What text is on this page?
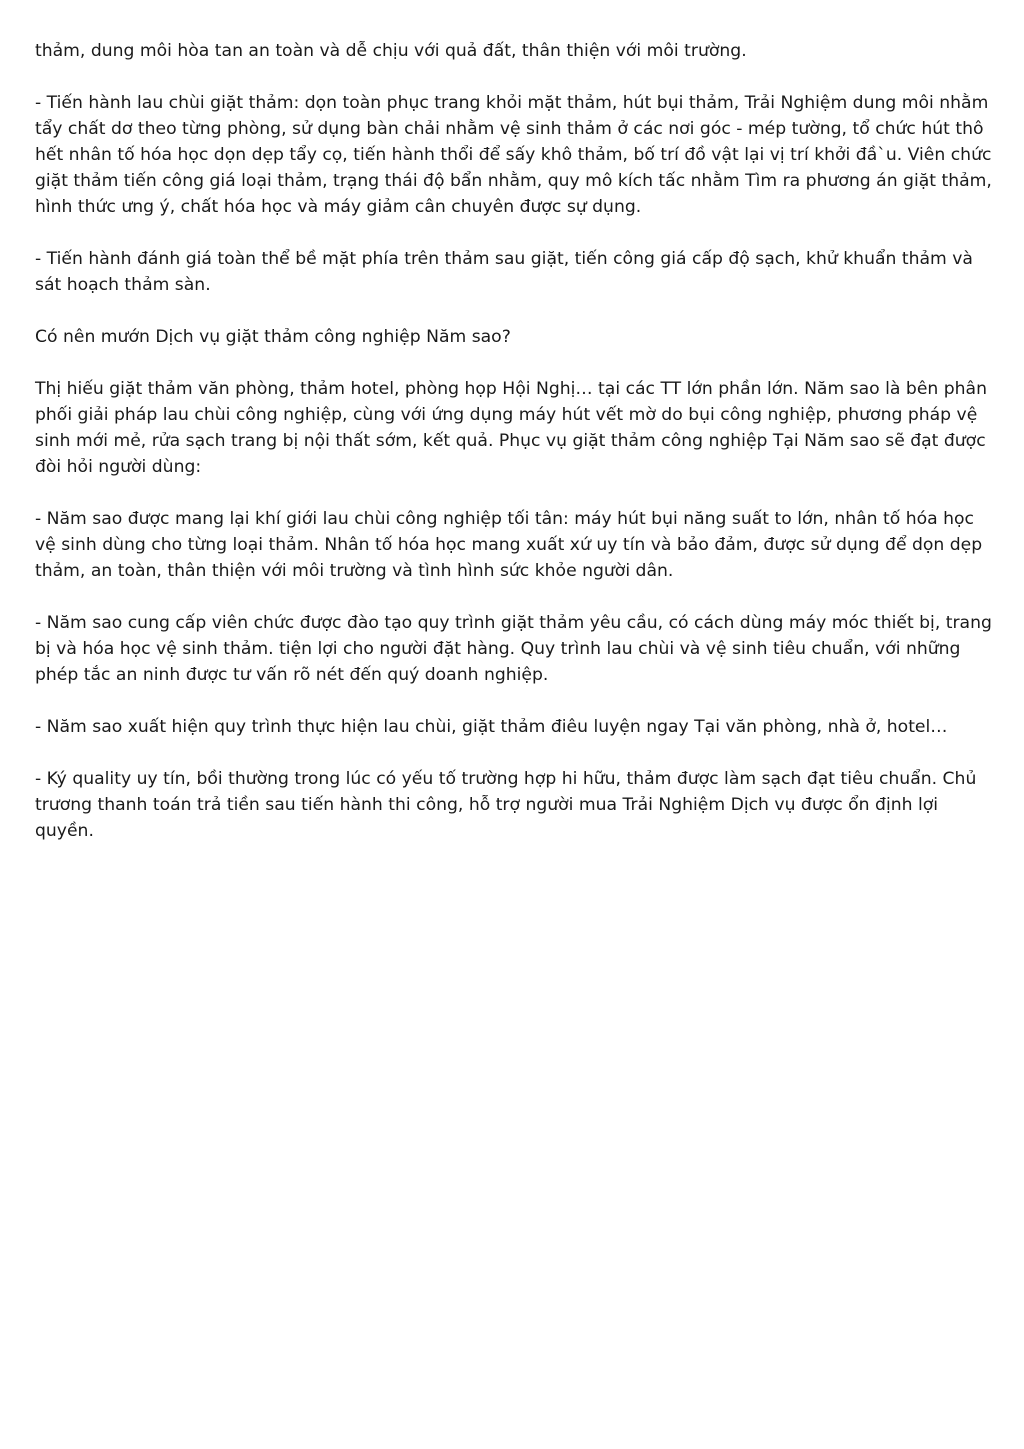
thảm, dung môi hòa tan an toàn và dễ chịu với quả đất, thân thiện với môi trường.

- Tiến hành lau chùi giặt thảm: dọn toàn phục trang khỏi mặt thảm, hút bụi thảm, Trải Nghiệm dung môi nhằm tẩy chất dơ theo từng phòng, sử dụng bàn chải nhằm vệ sinh thảm ở các nơi góc - mép tường, tổ chức hút thô hết nhân tố hóa học dọn dẹp tẩy cọ, tiến hành thổi để sấy khô thảm, bố trí đồ vật lại vị trí khởi đầ`u. Viên chức giặt thảm tiến công giá loại thảm, trạng thái độ bẩn nhằm, quy mô kích tấc nhằm Tìm ra phương án giặt thảm, hình thức ưng ý, chất hóa học và máy giảm cân chuyên được sự dụng.

- Tiến hành đánh giá toàn thể bề mặt phía trên thảm sau giặt, tiến công giá cấp độ sạch, khử khuẩn thảm và sát hoạch thảm sàn.

Có nên mướn Dịch vụ giặt thảm công nghiệp Năm sao?

Thị hiếu giặt thảm văn phòng, thảm hotel, phòng họp Hội Nghị… tại các TT lớn phần lớn. Năm sao là bên phân phối giải pháp lau chùi công nghiệp, cùng với ứng dụng máy hút vết mờ do bụi công nghiệp, phương pháp vệ sinh mới mẻ, rửa sạch trang bị nội thất sớm, kết quả. Phục vụ giặt thảm công nghiệp Tại Năm sao sẽ đạt được đòi hỏi người dùng:

- Năm sao được mang lại khí giới lau chùi công nghiệp tối tân: máy hút bụi năng suất to lớn, nhân tố hóa học vệ sinh dùng cho từng loại thảm. Nhân tố hóa học mang xuất xứ uy tín và bảo đảm, được sử dụng để dọn dẹp thảm, an toàn, thân thiện với môi trường và tình hình sức khỏe người dân.

- Năm sao cung cấp viên chức được đào tạo quy trình giặt thảm yêu cầu, có cách dùng máy móc thiết bị, trang bị và hóa học vệ sinh thảm. tiện lợi cho người đặt hàng. Quy trình lau chùi và vệ sinh tiêu chuẩn, với những phép tắc an ninh được tư vấn rõ nét đến quý doanh nghiệp.

- Năm sao xuất hiện quy trình thực hiện lau chùi, giặt thảm điêu luyện ngay Tại văn phòng, nhà ở, hotel…

- Ký quality uy tín, bồi thường trong lúc có yếu tố trường hợp hi hữu, thảm được làm sạch đạt tiêu chuẩn. Chủ trương thanh toán trả tiền sau tiến hành thi công, hỗ trợ người mua Trải Nghiệm Dịch vụ được ổn định lợi quyền.
